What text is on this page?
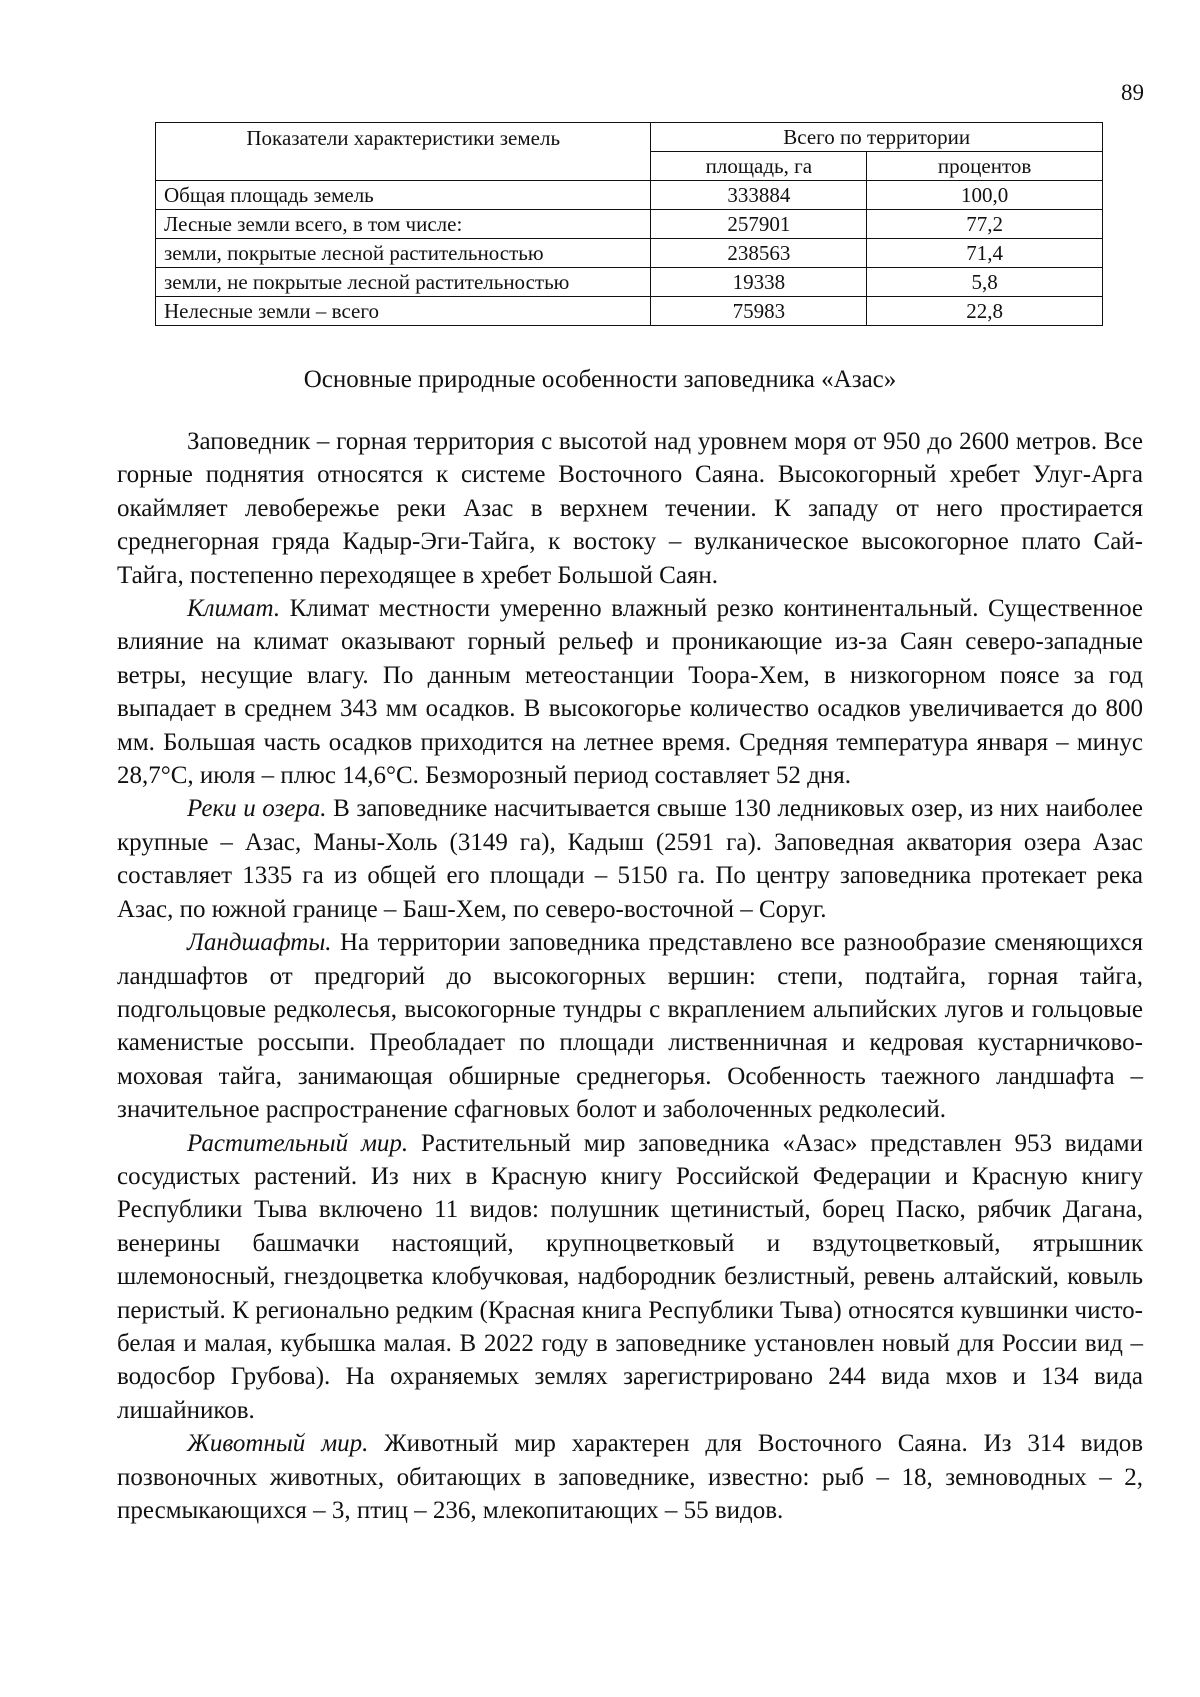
89
Показатели характеристики земель	Всего по территории	
	площадь, га	процентов
Общая площадь земель	333884	100,0
Лесные земли всего, в том числе:	257901	77,2
земли, покрытые лесной растительностью	238563	71,4
земли, не покрытые лесной растительностью	19338	5,8
Нелесные земли – всего	75983	22,8
Основные природные особенности заповедника «Азас»

Заповедник – горная территория с высотой над уровнем моря от 950 до 2600 метров. Все горные поднятия относятся к системе Восточного Саяна. Высокогорный хребет Улуг-Арга окаймляет левобережье реки Азас в верхнем течении. К западу от него простирается среднегорная гряда Кадыр-Эги-Тайга, к востоку – вулканическое высокогорное плато Сай-Тайга, постепенно переходящее в хребет Большой Саян.

Климат. Климат местности умеренно влажный резко континентальный. Существенное влияние на климат оказывают горный рельеф и проникающие из-за Саян северо-западные ветры, несущие влагу. По данным метеостанции Тоора-Хем, в низкогорном поясе за год выпадает в среднем 343 мм осадков. В высокогорье количество осадков увеличивается до 800 мм. Большая часть осадков приходится на летнее время. Средняя температура января – минус 28,7°С, июля – плюс 14,6°С. Безморозный период составляет 52 дня.

Реки и озера. В заповеднике насчитывается свыше 130 ледниковых озер, из них наиболее крупные – Азас, Маны-Холь (3149 га), Кадыш (2591 га). Заповедная акватория озера Азас составляет 1335 га из общей его площади – 5150 га. По центру заповедника протекает река Азас, по южной границе – Баш-Хем, по северо-восточной – Соруг.

Ландшафты. На территории заповедника представлено все разнообразие сменяющихся ландшафтов от предгорий до высокогорных вершин: степи, подтайга, горная тайга, подгольцовые редколесья, высокогорные тундры с вкраплением альпийских лугов и гольцовые каменистые россыпи. Преобладает по площади лиственничная и кедровая кустарничково-моховая тайга, занимающая обширные среднегорья. Особенность таежного ландшафта – значительное распространение сфагновых болот и заболоченных редколесий.

Растительный мир. Растительный мир заповедника «Азас» представлен 953 видами сосудистых растений. Из них в Красную книгу Российской Федерации и Красную книгу Республики Тыва включено 11 видов: полушник щетинистый, борец Паско, рябчик Дагана, венерины башмачки настоящий, крупноцветковый и вздутоцветковый, ятрышник шлемоносный, гнездоцветка клобучковая, надбородник безлистный, ревень алтайский, ковыль перистый. К регионально редким (Красная книга Республики Тыва) относятся кувшинки чисто-белая и малая, кубышка малая. В 2022 году в заповеднике установлен новый для России вид – водосбор Грубова). На охраняемых землях зарегистрировано 244 вида мхов и 134 вида лишайников.

Животный мир. Животный мир характерен для Восточного Саяна. Из 314 видов позвоночных животных, обитающих в заповеднике, известно: рыб – 18, земноводных – 2, пресмыкающихся – 3, птиц – 236, млекопитающих – 55 видов.
